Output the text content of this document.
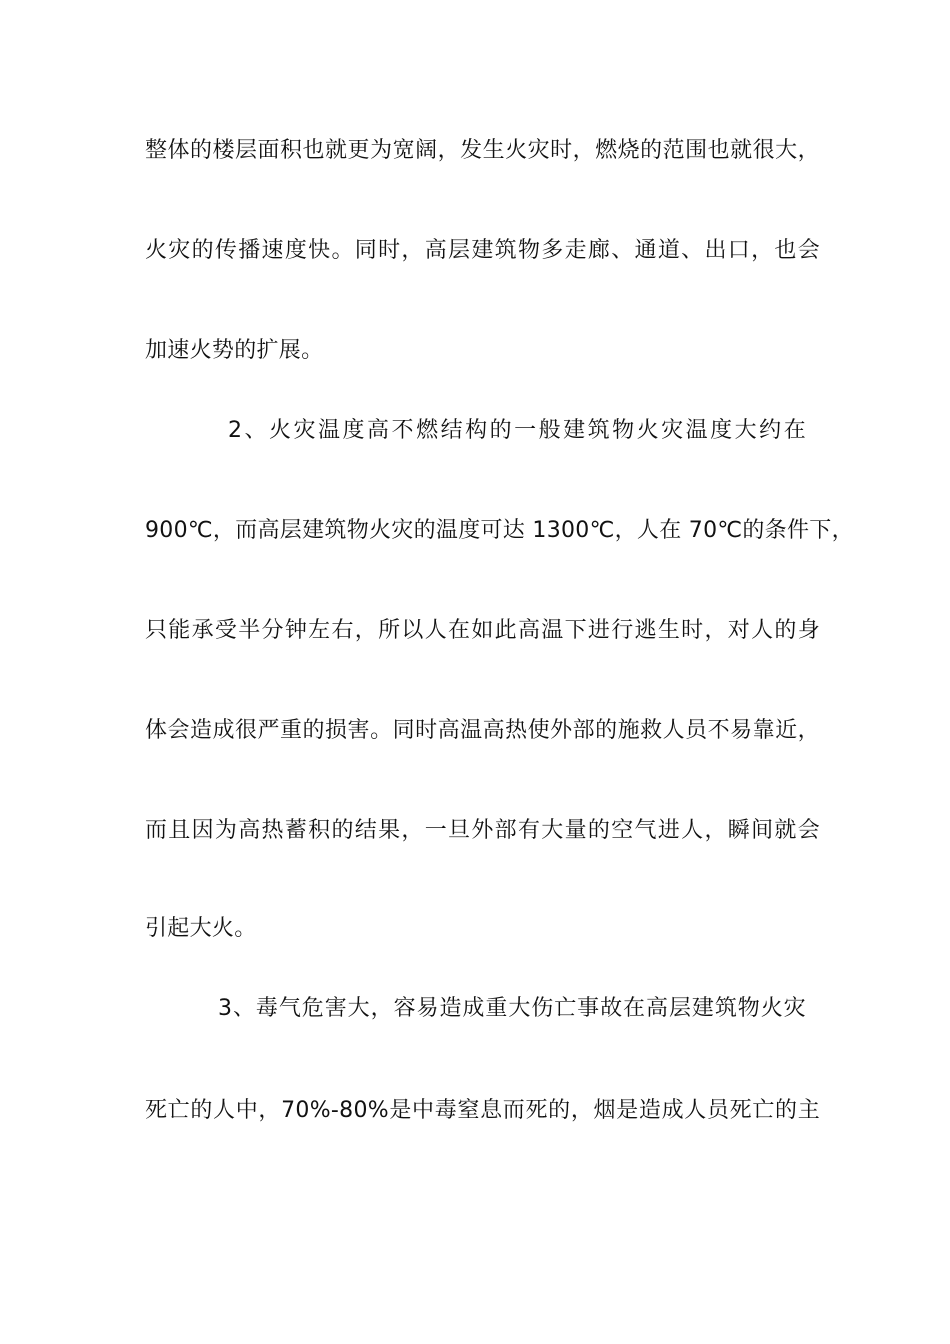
整体的楼层面积也就更为宽阔，发生火灾时，燃烧的范围也就很大，
火灾的传播速度快。同时，高层建筑物多走廊、通道、出口，也会
加速火势的扩展。
2、火灾温度高不燃结构的一般建筑物火灾温度大约在
900℃，而高层建筑物火灾的温度可达 1300℃，人在 70℃的条件下，
只能承受半分钟左右，所以人在如此高温下进行逃生时，对人的身
体会造成很严重的损害。同时高温高热使外部的施救人员不易靠近，
而且因为高热蓄积的结果，一旦外部有大量的空气进人，瞬间就会
引起大火。
3、毒气危害大，容易造成重大伤亡事故在高层建筑物火灾
死亡的人中，70%-80%是中毒窒息而死的，烟是造成人员死亡的主
